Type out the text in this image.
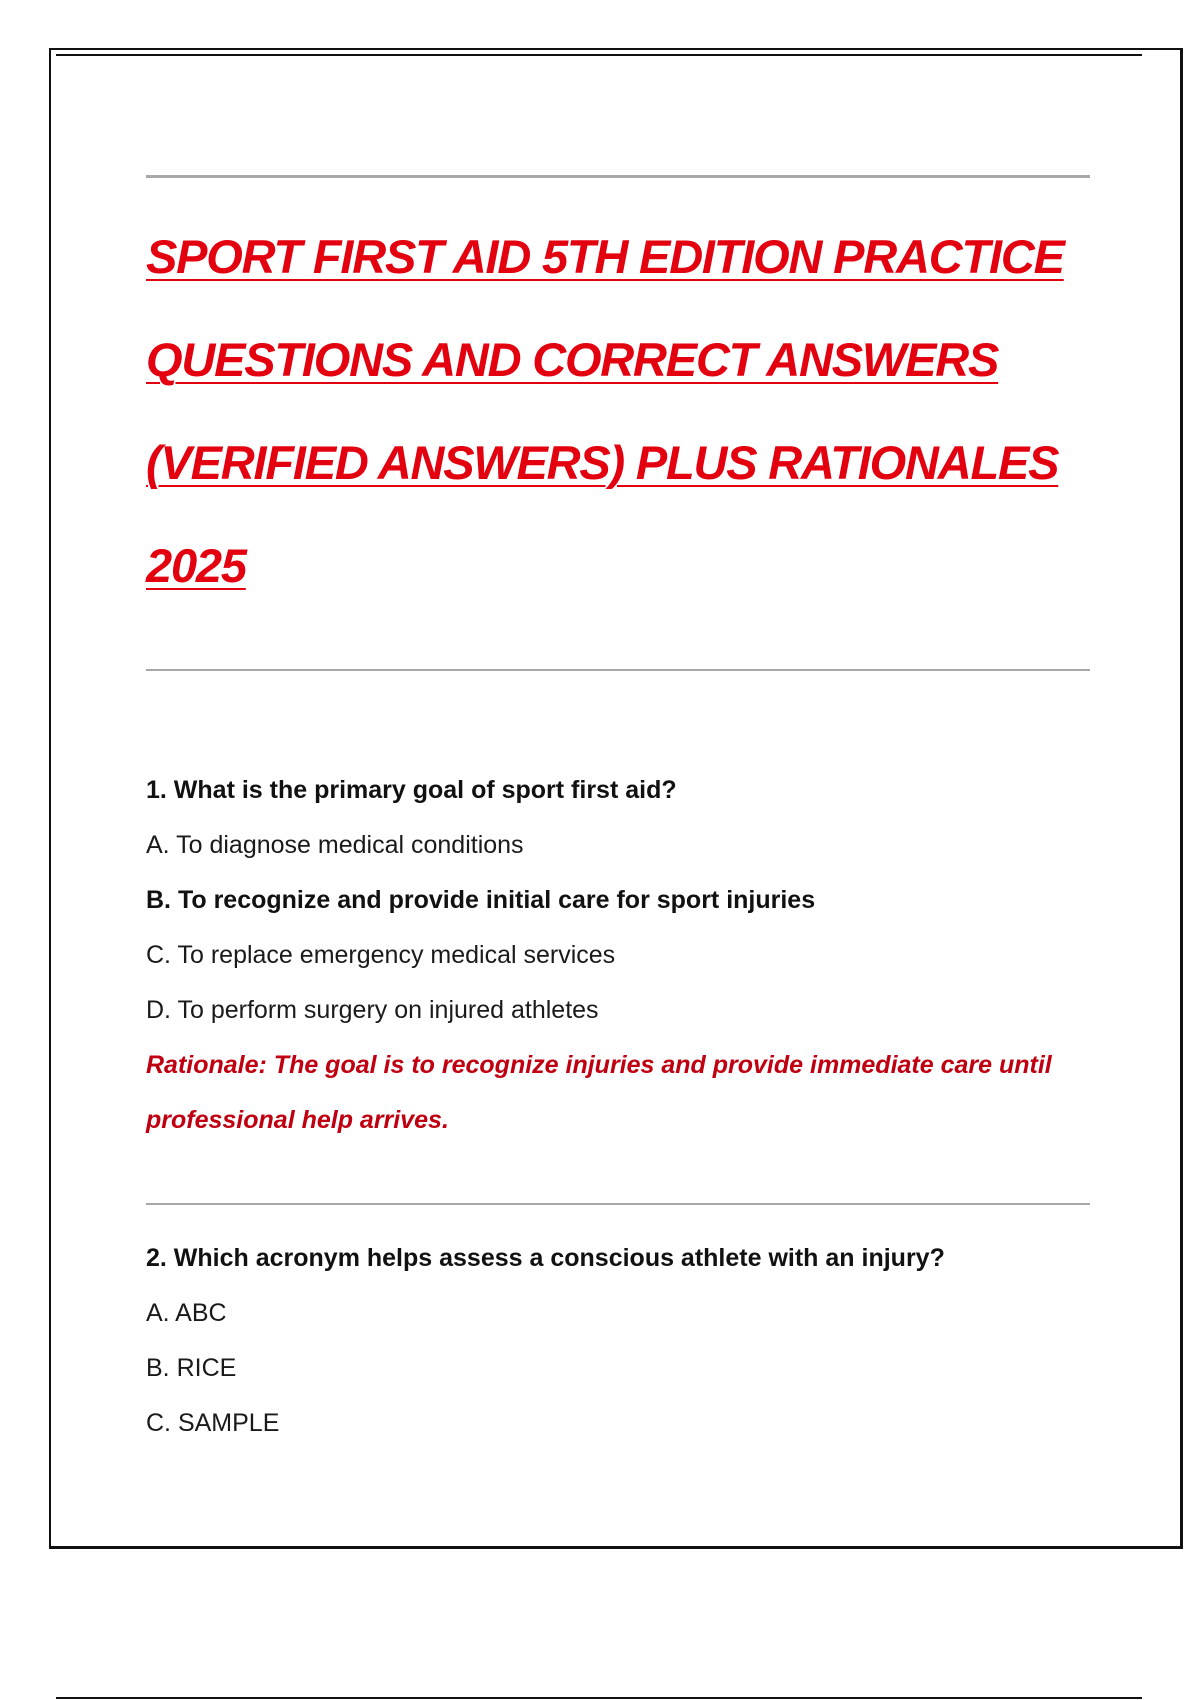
SPORT FIRST AID 5TH EDITION PRACTICE
QUESTIONS AND CORRECT ANSWERS
(VERIFIED ANSWERS) PLUS RATIONALES
2025
1. What is the primary goal of sport first aid?
A. To diagnose medical conditions
B. To recognize and provide initial care for sport injuries
C. To replace emergency medical services
D. To perform surgery on injured athletes
Rationale: The goal is to recognize injuries and provide immediate care until professional help arrives.
2. Which acronym helps assess a conscious athlete with an injury?
A. ABC
B. RICE
C. SAMPLE
